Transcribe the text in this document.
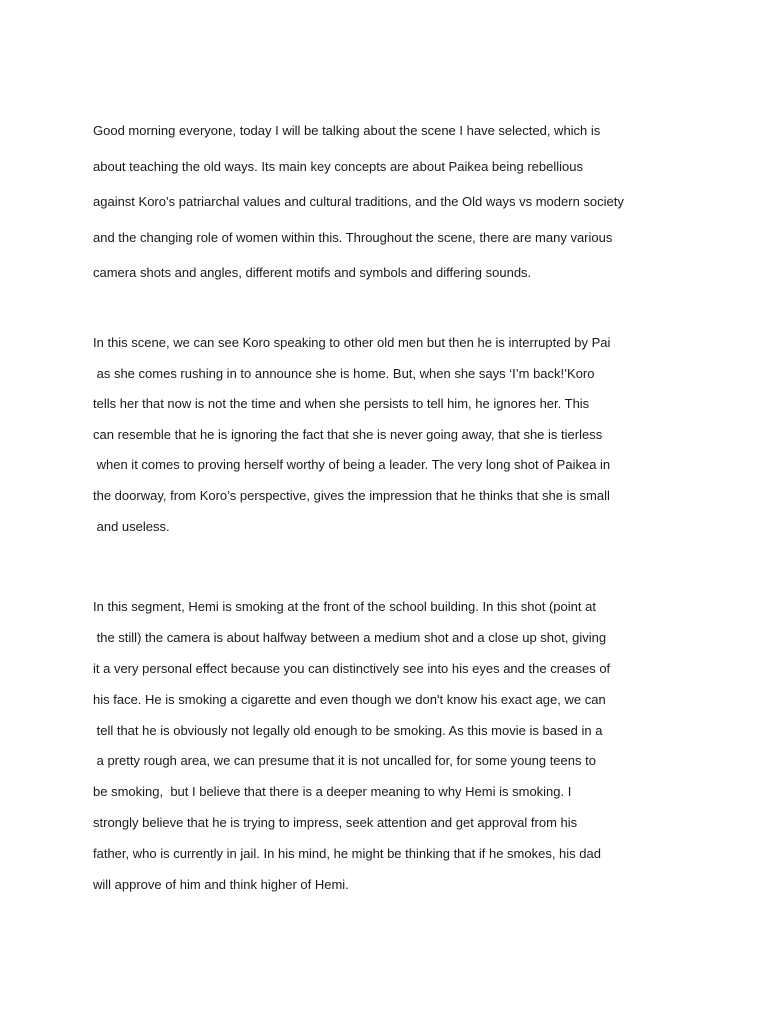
Good morning everyone, today I will be talking about the scene I have selected, which is
about teaching the old ways. Its main key concepts are about Paikea being rebellious
against Koro’s patriarchal values and cultural traditions, and the Old ways vs modern society
and the changing role of women within this. Throughout the scene, there are many various
camera shots and angles, different motifs and symbols and differing sounds.
In this scene, we can see Koro speaking to other old men but then he is interrupted by Pai
as she comes rushing in to announce she is home. But, when she says ‘I’m back!’Koro
tells her that now is not the time and when she persists to tell him, he ignores her. This
can resemble that he is ignoring the fact that she is never going away, that she is tierless
when it comes to proving herself worthy of being a leader. The very long shot of Paikea in
the doorway, from Koro’s perspective, gives the impression that he thinks that she is small
and useless.
In this segment, Hemi is smoking at the front of the school building. In this shot (point at
the still) the camera is about halfway between a medium shot and a close up shot, giving
it a very personal effect because you can distinctively see into his eyes and the creases of
his face. He is smoking a cigarette and even though we don't know his exact age, we can
tell that he is obviously not legally old enough to be smoking. As this movie is based in a
a pretty rough area, we can presume that it is not uncalled for, for some young teens to
be smoking,  but I believe that there is a deeper meaning to why Hemi is smoking. I
strongly believe that he is trying to impress, seek attention and get approval from his
father, who is currently in jail. In his mind, he might be thinking that if he smokes, his dad
will approve of him and think higher of Hemi.
